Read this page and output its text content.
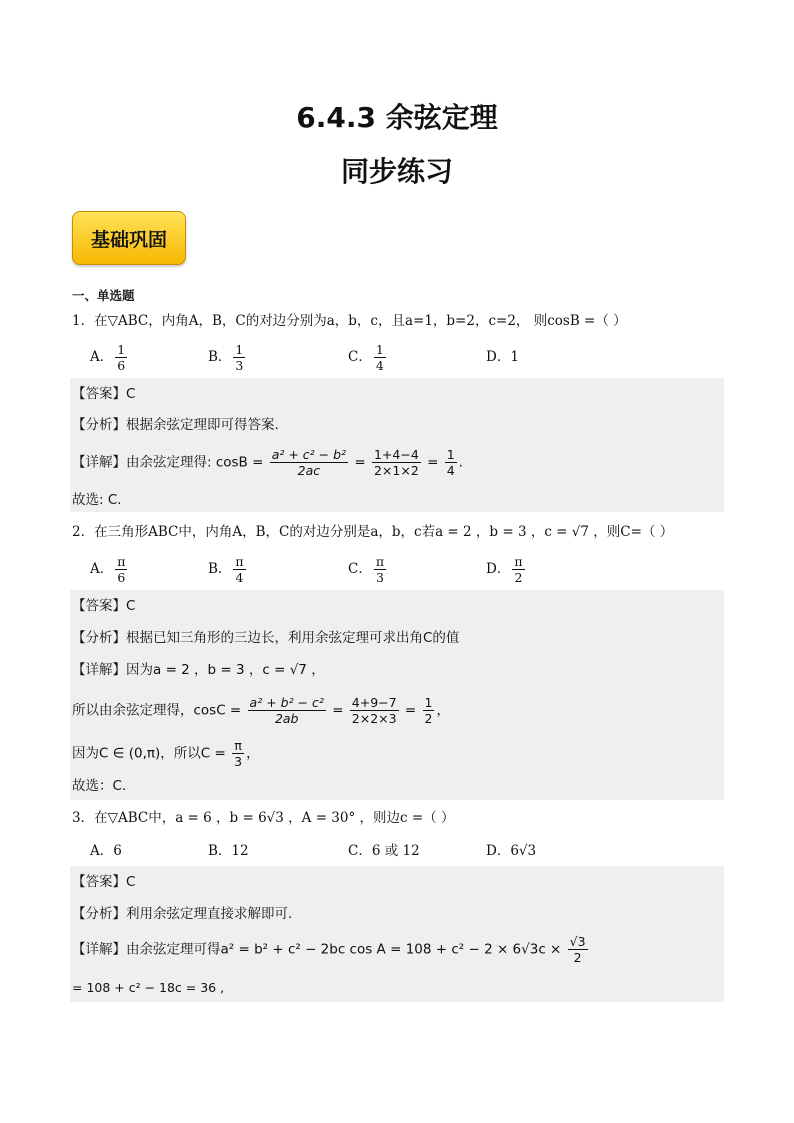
6.4.3 余弦定理
同步练习
基础巩固
一、单选题
1．在▽ABC，内角A，B，C的对边分别为a，b，c，且a=1，b=2，c=2， 则cosB =（ ）
A． $\frac{1}{6}$	B． $\frac{1}{3}$	C． $\frac{1}{4}$	D．1
【答案】C
【分析】根据余弦定理即可得答案.
【详解】由余弦定理得: $\cos B = \frac{\text{a² + c² − b²}}{2ac} = \frac{1+4-4}{2\times 1\times 2} = \frac{1}{4}$ .
故选: C.
2．在三角形ABC中，内角A，B，C的对边分别是a，b，c若a = 2 ，b = 3 ，c = √7 ，则C=（ ）
A． $\frac{\pi}{6}$	B． $\frac{\pi}{4}$	C． $\frac{\pi}{3}$	D． $\frac{\pi}{2}$
【答案】C
【分析】根据已知三角形的三边长，利用余弦定理可求出角C的值
【详解】因为a = 2 ，b = 3 ，c = √7 ，
所以由余弦定理得，$\cos C = \frac{\text{a² + b² − c²}}{2ab} = \frac{4+9-7}{2\times 2\times 3} = \frac{1}{2}$ ，
因为C ∈ (0,π)，所以$C = \frac{\pi}{3}$ ，
故选：C.
3．在▽ABC中，a = 6 ，b = 6√3 ，A = 30° ，则边c =（ ）
A．6	B．12	C．6 或 12	D．6√3
【答案】C
【分析】利用余弦定理直接求解即可.
【详解】由余弦定理可得a² = b² + c² − 2bc $\cos A = 108 + c^2 - 2 \times 6√3c \times \frac{√3}{2}$
= 108 + c² − 18c = 36 ,
